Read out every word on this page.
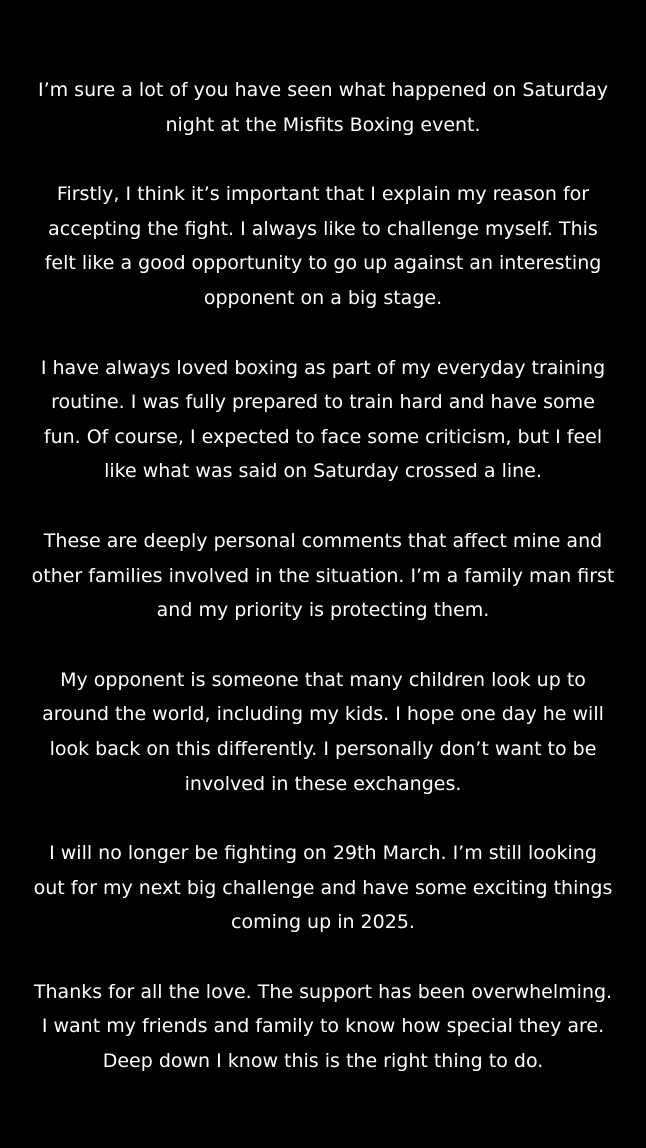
I’m sure a lot of you have seen what happened on Saturday
night at the Misfits Boxing event.

Firstly, I think it’s important that I explain my reason for
accepting the fight. I always like to challenge myself. This
felt like a good opportunity to go up against an interesting
opponent on a big stage.

I have always loved boxing as part of my everyday training
routine. I was fully prepared to train hard and have some
fun. Of course, I expected to face some criticism, but I feel
like what was said on Saturday crossed a line.

These are deeply personal comments that affect mine and
other families involved in the situation. I’m a family man first
and my priority is protecting them.

My opponent is someone that many children look up to
around the world, including my kids. I hope one day he will
look back on this differently. I personally don’t want to be
involved in these exchanges.

I will no longer be fighting on 29th March. I’m still looking
out for my next big challenge and have some exciting things
coming up in 2025.

Thanks for all the love. The support has been overwhelming.
I want my friends and family to know how special they are.
Deep down I know this is the right thing to do.
